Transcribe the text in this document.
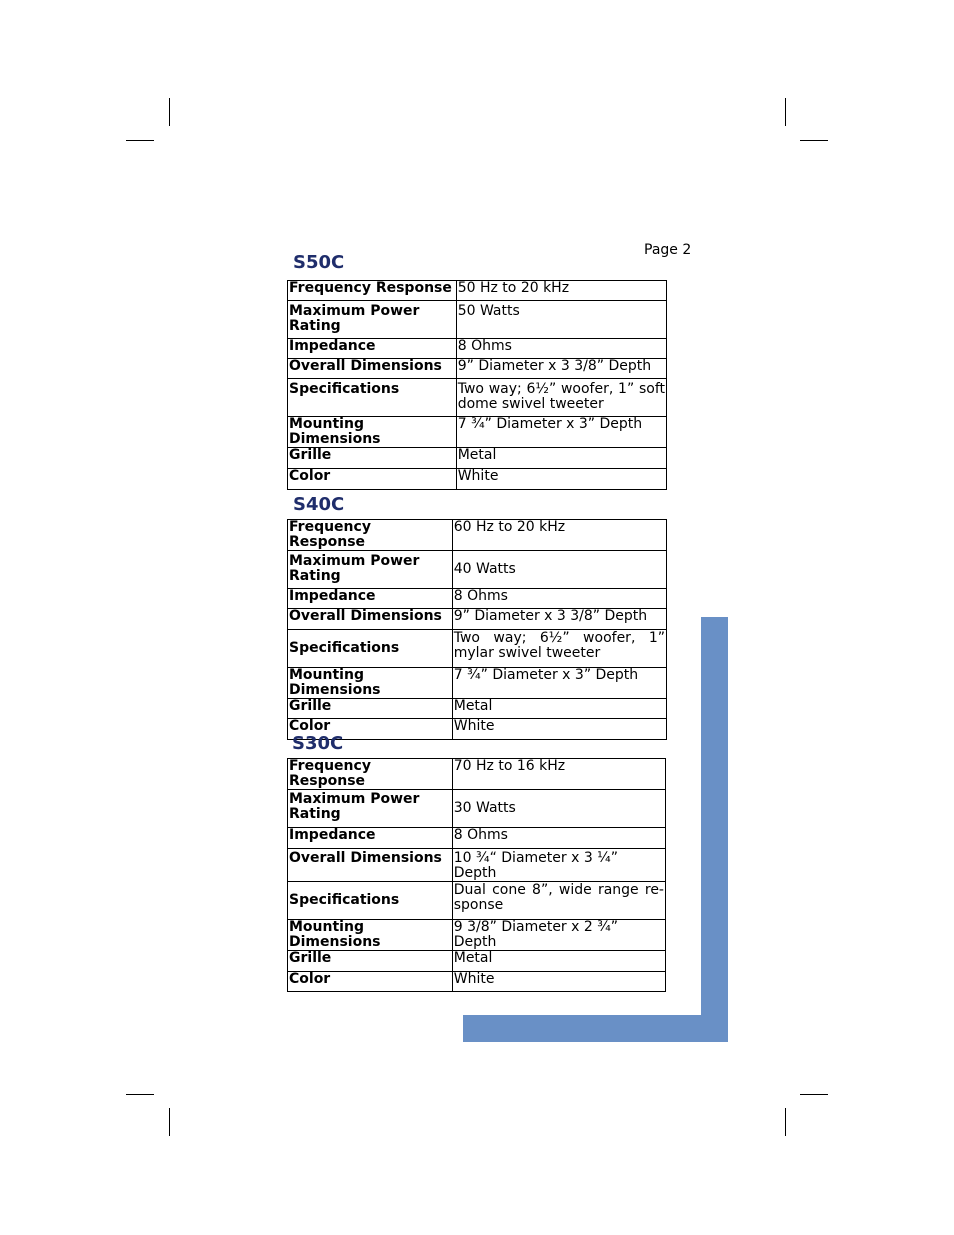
Page 2
S50C
Frequency Response	50 Hz to 20 kHz
Maximum Power Rating	50 Watts
Impedance	8 Ohms
Overall Dimensions	9” Diameter x 3 3/8” Depth
Specifications	Two way; 6½” woofer, 1” soft dome swivel tweeter
Mounting Dimensions	7 ¾” Diameter x 3” Depth
Grille	Metal
Color	White
S40C
Frequency Response	60 Hz to 20 kHz
Maximum Power Rating	40 Watts
Impedance	8 Ohms
Overall Dimensions	9” Diameter x 3 3/8” Depth
Specifications	Two way; 6½” woofer, 1” mylar swivel tweeter
Mounting Dimensions	7 ¾” Diameter x 3” Depth
Grille	Metal
Color	White
S30C
Frequency Response	70 Hz to 16 kHz
Maximum Power Rating	30 Watts
Impedance	8 Ohms
Overall Dimensions	10 ¾“ Diameter x 3 ¼” Depth
Specifications	Dual cone 8”, wide range re-sponse
Mounting Dimensions	9 3/8” Diameter x 2 ¾” Depth
Grille	Metal
Color	White
